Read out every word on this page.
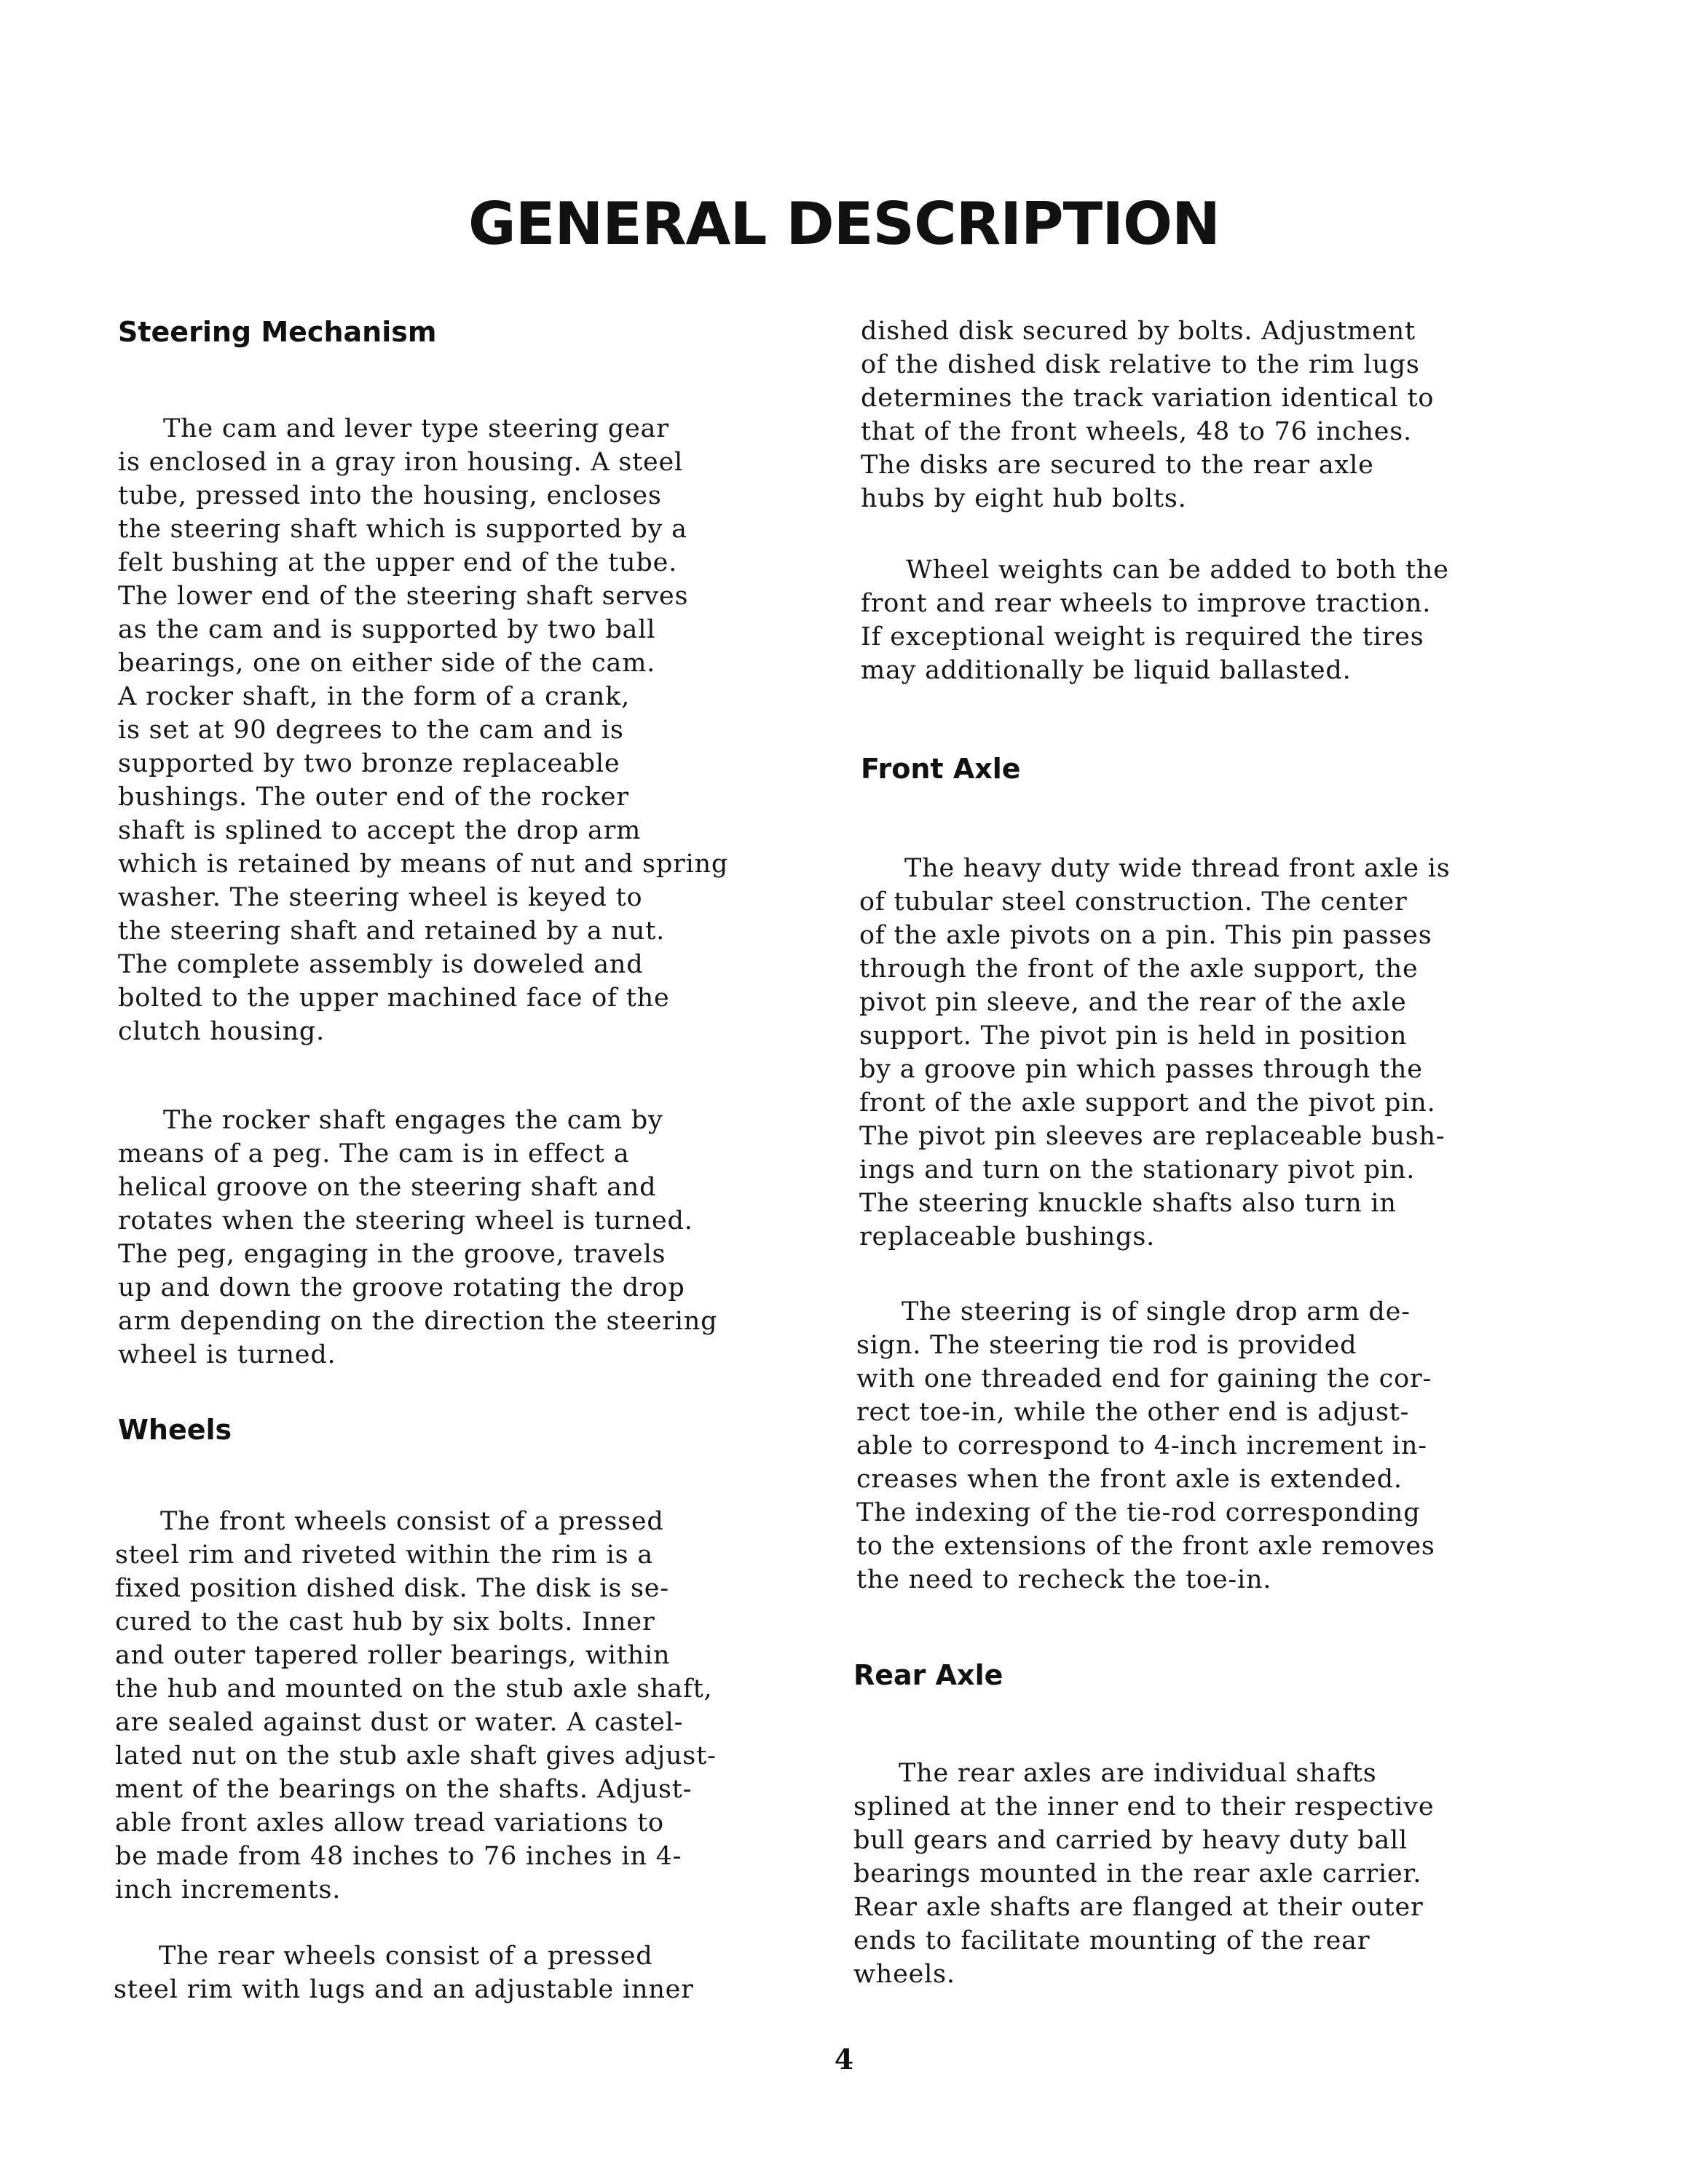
GENERAL DESCRIPTION
Steering Mechanism
The cam and lever type steering gear
is enclosed in a gray iron housing. A steel
tube, pressed into the housing, encloses
the steering shaft which is supported by a
felt bushing at the upper end of the tube.
The lower end of the steering shaft serves
as the cam and is supported by two ball
bearings, one on either side of the cam.
A rocker shaft, in the form of a crank,
is set at 90 degrees to the cam and is
supported by two bronze replaceable
bushings. The outer end of the rocker
shaft is splined to accept the drop arm
which is retained by means of nut and spring
washer. The steering wheel is keyed to
the steering shaft and retained by a nut.
The complete assembly is doweled and
bolted to the upper machined face of the
clutch housing.
The rocker shaft engages the cam by
means of a peg. The cam is in effect a
helical groove on the steering shaft and
rotates when the steering wheel is turned.
The peg, engaging in the groove, travels
up and down the groove rotating the drop
arm depending on the direction the steering
wheel is turned.
Wheels
The front wheels consist of a pressed
steel rim and riveted within the rim is a
fixed position dished disk. The disk is se-
cured to the cast hub by six bolts. Inner
and outer tapered roller bearings, within
the hub and mounted on the stub axle shaft,
are sealed against dust or water. A castel-
lated nut on the stub axle shaft gives adjust-
ment of the bearings on the shafts. Adjust-
able front axles allow tread variations to
be made from 48 inches to 76 inches in 4-
inch increments.
The rear wheels consist of a pressed
steel rim with lugs and an adjustable inner
dished disk secured by bolts. Adjustment
of the dished disk relative to the rim lugs
determines the track variation identical to
that of the front wheels, 48 to 76 inches.
The disks are secured to the rear axle
hubs by eight hub bolts.
Wheel weights can be added to both the
front and rear wheels to improve traction.
If exceptional weight is required the tires
may additionally be liquid ballasted.
Front Axle
The heavy duty wide thread front axle is
of tubular steel construction. The center
of the axle pivots on a pin. This pin passes
through the front of the axle support, the
pivot pin sleeve, and the rear of the axle
support. The pivot pin is held in position
by a groove pin which passes through the
front of the axle support and the pivot pin.
The pivot pin sleeves are replaceable bush-
ings and turn on the stationary pivot pin.
The steering knuckle shafts also turn in
replaceable bushings.
The steering is of single drop arm de-
sign. The steering tie rod is provided
with one threaded end for gaining the cor-
rect toe-in, while the other end is adjust-
able to correspond to 4-inch increment in-
creases when the front axle is extended.
The indexing of the tie-rod corresponding
to the extensions of the front axle removes
the need to recheck the toe-in.
Rear Axle
The rear axles are individual shafts
splined at the inner end to their respective
bull gears and carried by heavy duty ball
bearings mounted in the rear axle carrier.
Rear axle shafts are flanged at their outer
ends to facilitate mounting of the rear
wheels.
4
